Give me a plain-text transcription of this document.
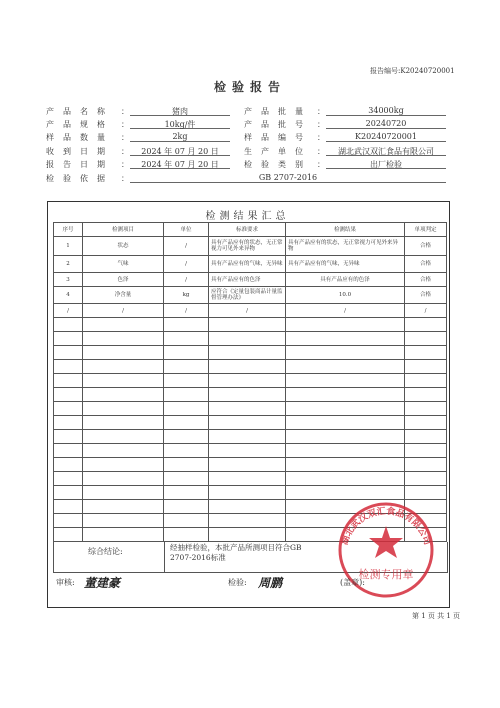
报告编号:K20240720001
检验报告
产品名称 ：	猪肉	产品批量 ：	34000kg
产品规格 ：	10kg/件	产品批号 ：	20240720
样品数量 ：	2kg	样品编号 ：	K20240720001
收到日期 ：	2024 年 07 月 20 日	生产单位 ：	湖北武汉双汇食品有限公司
报告日期 ：	2024 年 07 月 20 日	检验类别 ：	出厂检验
检验依据 ：	GB 2707-2016
检测结果汇总
序号	检测项目	单位	标准要求	检测结果	单项判定
1	状态	/	具有产品应有的状态，无正常视力可见外来异物	具有产品应有的状态，无正常视力可见外来异物	合格
2	气味	/	具有产品应有的气味，无异味	具有产品应有的气味，无异味	合格
3	色泽	/	具有产品应有的色泽	具有产品应有的色泽	合格
4	净含量	kg	应符合《定量包装商品计量监督管理办法》	10.0	合格
/	/	/	/	/	/

综合结论:	经抽样检验，本批产品所测项目符合GB 2707-2016标准
湖北武汉双汇食品有限公司
检测专用章
审核: 董建豪	检验: 周鹏	(盖章):
第 1 页 共 1 页
